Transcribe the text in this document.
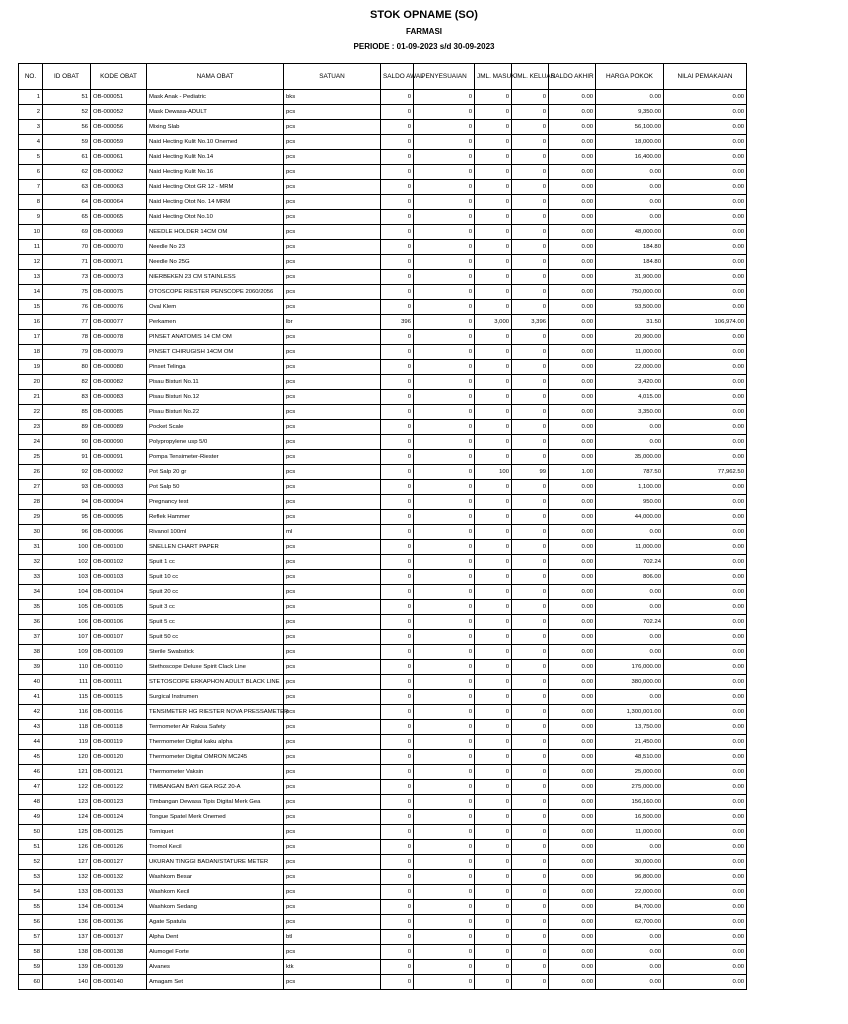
STOK OPNAME (SO)
FARMASI
PERIODE : 01-09-2023 s/d 30-09-2023
NO.	ID OBAT	KODE OBAT	NAMA OBAT	SATUAN	SALDO AWAL	PENYESUAIAN	JML. MASUK	JML. KELUAR	SALDO AKHIR	HARGA POKOK	NILAI PEMAKAIAN
1	51	OB-000051	Mask Anak - Pediatric	bks	0	0	0	0	0.00	0.00	0.00
2	52	OB-000052	Mask Dewasa-ADULT	pcs	0	0	0	0	0.00	9,350.00	0.00
3	56	OB-000056	Mixing Slab	pcs	0	0	0	0	0.00	56,100.00	0.00
4	59	OB-000059	Naid Hecting Kulit No.10 Onemed	pcs	0	0	0	0	0.00	18,000.00	0.00
5	61	OB-000061	Naid Hecting Kulit No.14	pcs	0	0	0	0	0.00	16,400.00	0.00
6	62	OB-000062	Naid Hecting Kulit No.16	pcs	0	0	0	0	0.00	0.00	0.00
7	63	OB-000063	Naid Hecting Otot GR 12 - MRM	pcs	0	0	0	0	0.00	0.00	0.00
8	64	OB-000064	Naid Hecting Otot No. 14 MRM	pcs	0	0	0	0	0.00	0.00	0.00
9	65	OB-000065	Naid Hecting Otot No.10	pcs	0	0	0	0	0.00	0.00	0.00
10	69	OB-000069	NEEDLE HOLDER 14CM OM	pcs	0	0	0	0	0.00	48,000.00	0.00
11	70	OB-000070	Needle No 23	pcs	0	0	0	0	0.00	184.80	0.00
12	71	OB-000071	Needle No 25G	pcs	0	0	0	0	0.00	184.80	0.00
13	73	OB-000073	NIERBEKEN 23 CM STAINLESS	pcs	0	0	0	0	0.00	31,900.00	0.00
14	75	OB-000075	OTOSCOPE RIESTER PENSCOPE 2060/2056	pcs	0	0	0	0	0.00	750,000.00	0.00
15	76	OB-000076	Oval Klem	pcs	0	0	0	0	0.00	93,500.00	0.00
16	77	OB-000077	Perkamen	lbr	396	0	3,000	3,396	0.00	31.50	106,974.00
17	78	OB-000078	PINSET ANATOMIS 14 CM OM	pcs	0	0	0	0	0.00	20,900.00	0.00
18	79	OB-000079	PINSET CHIRUGISH 14CM OM	pcs	0	0	0	0	0.00	11,000.00	0.00
19	80	OB-000080	Pinset Telinga	pcs	0	0	0	0	0.00	22,000.00	0.00
20	82	OB-000082	Pisau Bisturi No.11	pcs	0	0	0	0	0.00	3,420.00	0.00
21	83	OB-000083	Pisau Bisturi No.12	pcs	0	0	0	0	0.00	4,015.00	0.00
22	85	OB-000085	Pisau Bisturi No.22	pcs	0	0	0	0	0.00	3,350.00	0.00
23	89	OB-000089	Pocket Scale	pcs	0	0	0	0	0.00	0.00	0.00
24	90	OB-000090	Polypropylene usp 5/0	pcs	0	0	0	0	0.00	0.00	0.00
25	91	OB-000091	Pompa Tensimeter-Riester	pcs	0	0	0	0	0.00	35,000.00	0.00
26	92	OB-000092	Pot Salp 20 gr	pcs	0	0	100	99	1.00	787.50	77,962.50
27	93	OB-000093	Pot Salp 50	pcs	0	0	0	0	0.00	1,100.00	0.00
28	94	OB-000094	Pregnancy test	pcs	0	0	0	0	0.00	950.00	0.00
29	95	OB-000095	Reflek Hammer	pcs	0	0	0	0	0.00	44,000.00	0.00
30	96	OB-000096	Rivanol 100ml	ml	0	0	0	0	0.00	0.00	0.00
31	100	OB-000100	SNELLEN CHART PAPER	pcs	0	0	0	0	0.00	11,000.00	0.00
32	102	OB-000102	Spuit 1 cc	pcs	0	0	0	0	0.00	702.24	0.00
33	103	OB-000103	Spuit 10 cc	pcs	0	0	0	0	0.00	806.00	0.00
34	104	OB-000104	Spuit 20 cc	pcs	0	0	0	0	0.00	0.00	0.00
35	105	OB-000105	Spuit 3 cc	pcs	0	0	0	0	0.00	0.00	0.00
36	106	OB-000106	Spuit 5 cc	pcs	0	0	0	0	0.00	702.24	0.00
37	107	OB-000107	Spuit 50 cc	pcs	0	0	0	0	0.00	0.00	0.00
38	109	OB-000109	Sterile Swabstick	pcs	0	0	0	0	0.00	0.00	0.00
39	110	OB-000110	Stethoscope Deluxe Spirit Clack Line	pcs	0	0	0	0	0.00	176,000.00	0.00
40	111	OB-000111	STETOSCOPE ERKAPHON ADULT BLACK LINE	pcs	0	0	0	0	0.00	380,000.00	0.00
41	115	OB-000115	Surgical Instrumen	pcs	0	0	0	0	0.00	0.00	0.00
42	116	OB-000116	TENSIMETER HG RIESTER NOVA PRESSAMETER	pcs	0	0	0	0	0.00	1,300,001.00	0.00
43	118	OB-000118	Termometer Air Raksa Safety	pcs	0	0	0	0	0.00	13,750.00	0.00
44	119	OB-000119	Thermometer Digital kaku alpha	pcs	0	0	0	0	0.00	21,450.00	0.00
45	120	OB-000120	Thermometer Digital OMRON MC245	pcs	0	0	0	0	0.00	48,510.00	0.00
46	121	OB-000121	Thermometer Vaksin	pcs	0	0	0	0	0.00	25,000.00	0.00
47	122	OB-000122	TIMBANGAN BAYI GEA RGZ 20-A	pcs	0	0	0	0	0.00	275,000.00	0.00
48	123	OB-000123	Timbangan Dewasa Tipis Digital Merk Gea	pcs	0	0	0	0	0.00	156,160.00	0.00
49	124	OB-000124	Tongue Spatel Merk Onemed	pcs	0	0	0	0	0.00	16,500.00	0.00
50	125	OB-000125	Torniquet	pcs	0	0	0	0	0.00	11,000.00	0.00
51	126	OB-000126	Tromol Kecil	pcs	0	0	0	0	0.00	0.00	0.00
52	127	OB-000127	UKURAN TINGGI BADAN/STATURE METER	pcs	0	0	0	0	0.00	30,000.00	0.00
53	132	OB-000132	Washkom Besar	pcs	0	0	0	0	0.00	96,800.00	0.00
54	133	OB-000133	Washkom Kecil	pcs	0	0	0	0	0.00	22,000.00	0.00
55	134	OB-000134	Washkom Sedang	pcs	0	0	0	0	0.00	84,700.00	0.00
56	136	OB-000136	Agate Spatula	pcs	0	0	0	0	0.00	62,700.00	0.00
57	137	OB-000137	Alpha Dent	btl	0	0	0	0	0.00	0.00	0.00
58	138	OB-000138	Alumogel Forte	pcs	0	0	0	0	0.00	0.00	0.00
59	139	OB-000139	Alvanes	ktk	0	0	0	0	0.00	0.00	0.00
60	140	OB-000140	Amagam Set	pcs	0	0	0	0	0.00	0.00	0.00
